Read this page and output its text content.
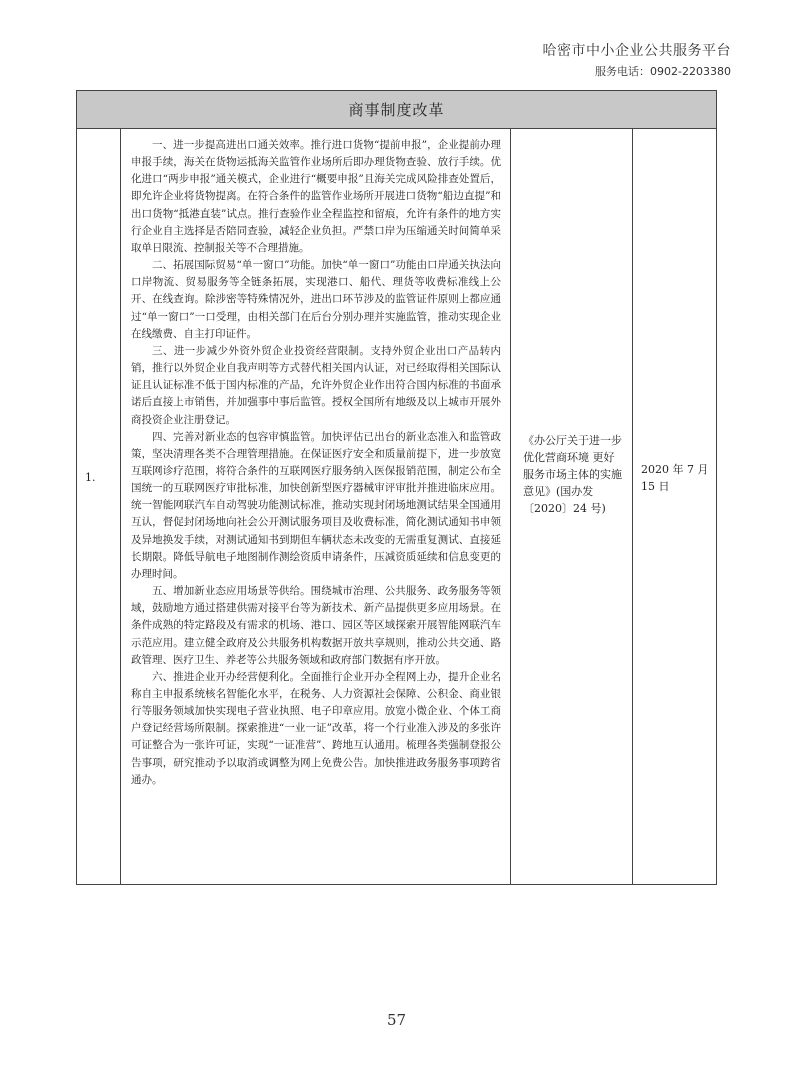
哈密市中小企业公共服务平台
服务电话：0902-2203380
商事制度改革
1.

一、进一步提高进出口通关效率。推行进口货物“提前申报”，企业提前办理申报手续，海关在货物运抵海关监管作业场所后即办理货物查验、放行手续。优化进口“两步申报”通关模式，企业进行“概要申报”且海关完成风险排查处置后，即允许企业将货物提离。在符合条件的监管作业场所开展进口货物“船边直提”和出口货物“抵港直装”试点。推行查验作业全程监控和留痕，允许有条件的地方实行企业自主选择是否陪同查验，减轻企业负担。严禁口岸为压缩通关时间简单采取单日限流、控制报关等不合理措施。

二、拓展国际贸易“单一窗口”功能。加快“单一窗口”功能由口岸通关执法向口岸物流、贸易服务等全链条拓展，实现港口、船代、理货等收费标准线上公开、在线查询。除涉密等特殊情况外，进出口环节涉及的监管证件原则上都应通过“单一窗口”一口受理，由相关部门在后台分别办理并实施监管，推动实现企业在线缴费、自主打印证件。

三、进一步减少外资外贸企业投资经营限制。支持外贸企业出口产品转内销，推行以外贸企业自我声明等方式替代相关国内认证，对已经取得相关国际认证且认证标准不低于国内标准的产品，允许外贸企业作出符合国内标准的书面承诺后直接上市销售，并加强事中事后监管。授权全国所有地级及以上城市开展外商投资企业注册登记。

四、完善对新业态的包容审慎监管。加快评估已出台的新业态准入和监管政策，坚决清理各类不合理管理措施。在保证医疗安全和质量前提下，进一步放宽互联网诊疗范围，将符合条件的互联网医疗服务纳入医保报销范围，制定公布全国统一的互联网医疗审批标准，加快创新型医疗器械审评审批并推进临床应用。统一智能网联汽车自动驾驶功能测试标准，推动实现封闭场地测试结果全国通用互认，督促封闭场地向社会公开测试服务项目及收费标准，简化测试通知书申领及异地换发手续，对测试通知书到期但车辆状态未改变的无需重复测试、直接延长期限。降低导航电子地图制作测绘资质申请条件，压减资质延续和信息变更的办理时间。

五、增加新业态应用场景等供给。围绕城市治理、公共服务、政务服务等领域，鼓励地方通过搭建供需对接平台等为新技术、新产品提供更多应用场景。在条件成熟的特定路段及有需求的机场、港口、园区等区域探索开展智能网联汽车示范应用。建立健全政府及公共服务机构数据开放共享规则，推动公共交通、路政管理、医疗卫生、养老等公共服务领域和政府部门数据有序开放。

六、推进企业开办经营便利化。全面推行企业开办全程网上办，提升企业名称自主申报系统核名智能化水平，在税务、人力资源社会保障、公积金、商业银行等服务领域加快实现电子营业执照、电子印章应用。放宽小微企业、个体工商户登记经营场所限制。探索推进“一业一证”改革，将一个行业准入涉及的多张许可证整合为一张许可证，实现“一证准营”、跨地互认通用。梳理各类强制登报公告事项，研究推动予以取消或调整为网上免费公告。加快推进政务服务事项跨省通办。

《办公厅关于进一步优化营商环境 更好服务市场主体的实施意见》(国办发〔2020〕24 号)
2020 年 7 月 15 日
57
